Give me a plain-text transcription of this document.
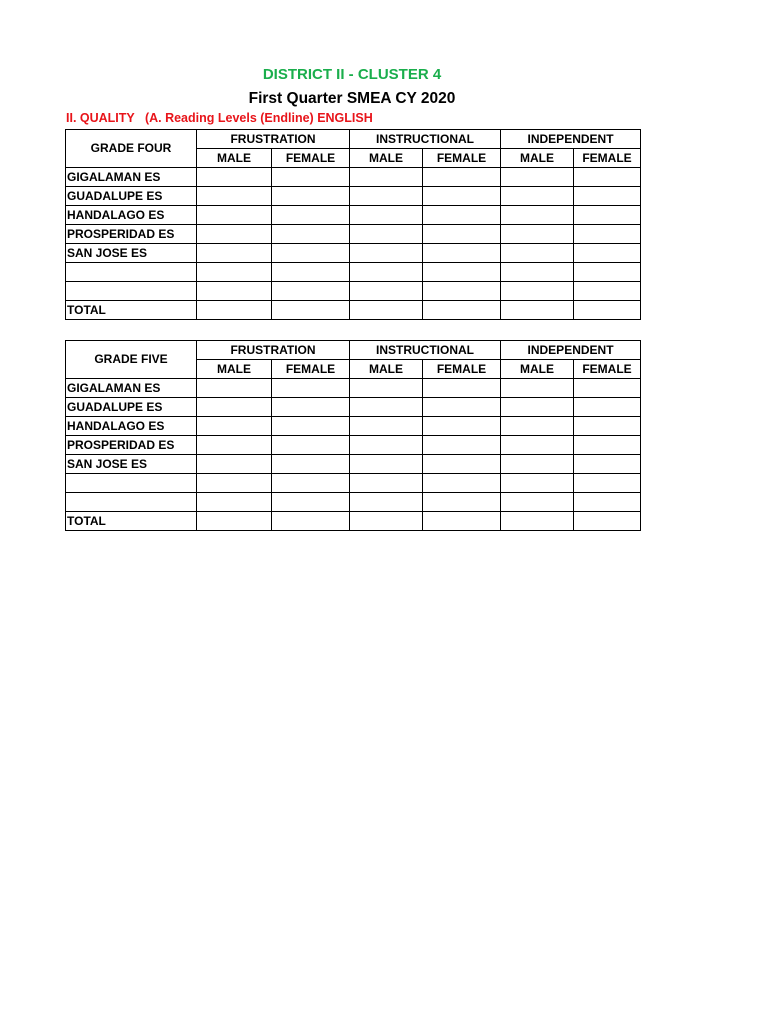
DISTRICT II - CLUSTER 4
First Quarter SMEA CY 2020
II. QUALITY   (A. Reading Levels (Endline) ENGLISH
GRADE FOUR	FRUSTRATION		INSTRUCTIONAL		INDEPENDENT	
	MALE	FEMALE	MALE	FEMALE	MALE	FEMALE
GIGALAMAN ES						
GUADALUPE ES						
HANDALAGO ES						
PROSPERIDAD ES						
SAN JOSE ES						

TOTAL						
GRADE FIVE	FRUSTRATION		INSTRUCTIONAL		INDEPENDENT	
	MALE	FEMALE	MALE	FEMALE	MALE	FEMALE
GIGALAMAN ES						
GUADALUPE ES						
HANDALAGO ES						
PROSPERIDAD ES						
SAN JOSE ES						

TOTAL						
